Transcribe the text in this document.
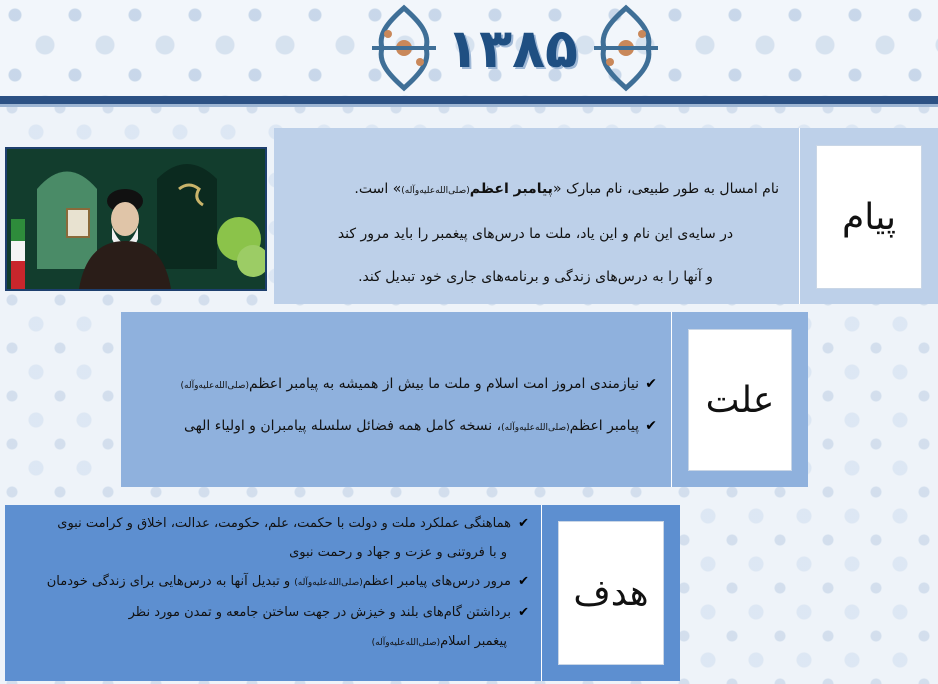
۱۳۸۵

نام امسال به طور طبیعی، نام مبارک «پیامبر اعظم(صلی‌الله‌علیه‌وآله)» است.

در سایه‌ی این نام و این یاد، ملت ما درس‌های پیغمبر را باید مرور کند

و آنها را به درس‌های زندگی و برنامه‌های جاری خود تبدیل کند.

پیام

✔نیازمندی امروز امت اسلام و ملت ما بیش از همیشه به پیامبر اعظم(صلی‌الله‌علیه‌وآله)

✔پیامبر اعظم(صلی‌الله‌علیه‌وآله)، نسخه کامل همه فضائل سلسله پیامبران و اولیاء الهی

علت

✔هماهنگی عملکرد ملت و دولت با حکمت، علم، حکومت، عدالت، اخلاق و کرامت نبوی

و با فروتنی و عزت و جهاد و رحمت نبوی

✔مرور درس‌های پیامبر اعظم(صلی‌الله‌علیه‌وآله) و تبدیل آنها به درس‌هایی برای زندگی خودمان

✔برداشتن گام‌های بلند و خیزش در جهت ساختن جامعه و تمدن مورد نظر

پیغمبر اسلام(صلی‌الله‌علیه‌وآله)

هدف
